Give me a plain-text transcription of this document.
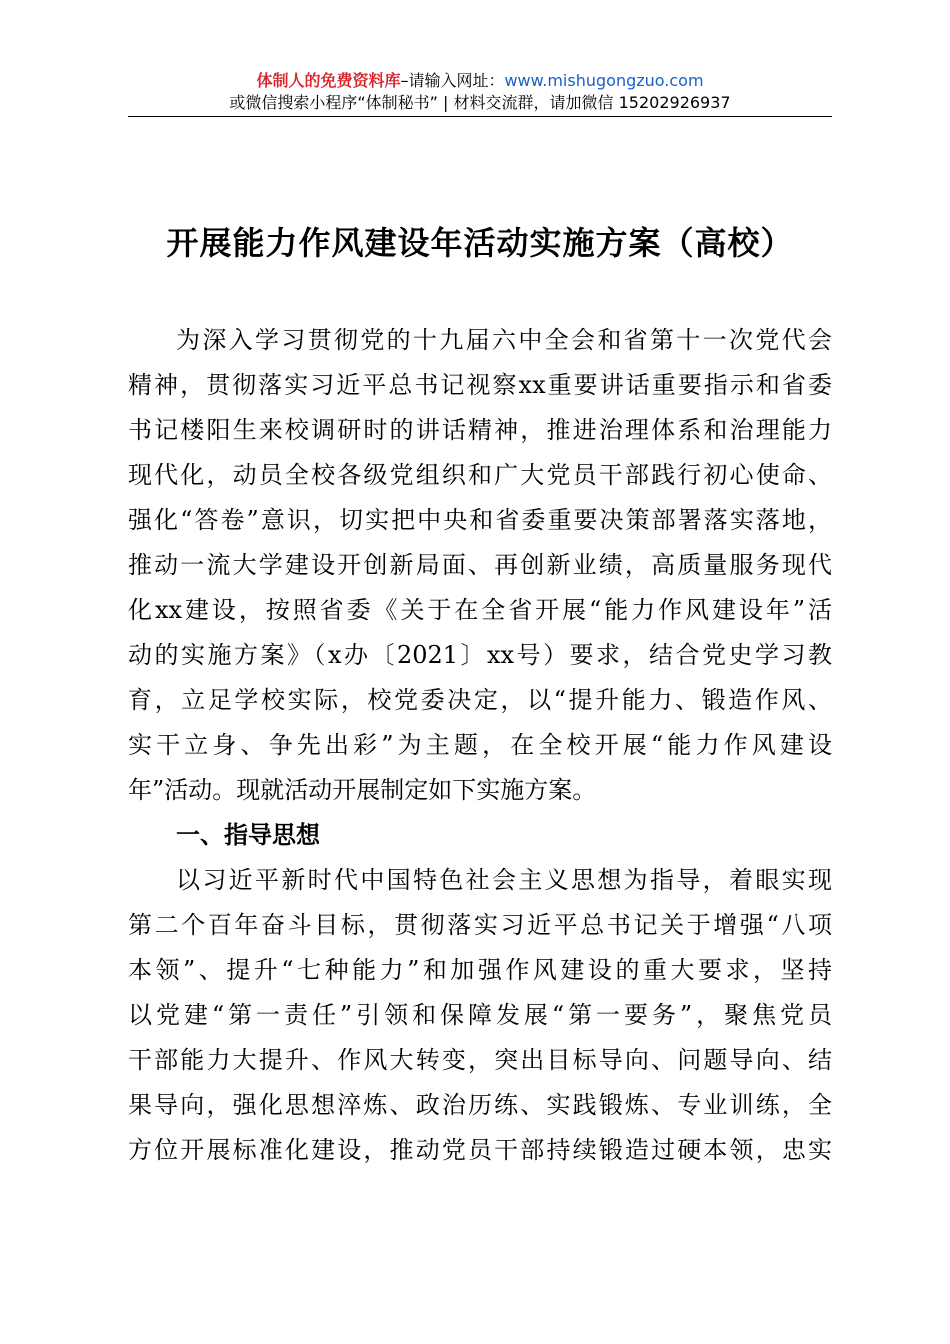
体制人的免费资料库–请输入网址：www.mishugongzuo.com
或微信搜索小程序“体制秘书” | 材料交流群，请加微信 15202926937
开展能力作风建设年活动实施方案（高校）
为深入学习贯彻党的十九届六中全会和省第十一次党代会
精神，贯彻落实习近平总书记视察xx重要讲话重要指示和省委
书记楼阳生来校调研时的讲话精神，推进治理体系和治理能力
现代化，动员全校各级党组织和广大党员干部践行初心使命、
强化“答卷”意识，切实把中央和省委重要决策部署落实落地，
推动一流大学建设开创新局面、再创新业绩，高质量服务现代
化xx建设，按照省委《关于在全省开展“能力作风建设年”活
动的实施方案》（x办〔2021〕xx号）要求，结合党史学习教
育，立足学校实际，校党委决定，以“提升能力、锻造作风、
实干立身、争先出彩”为主题，在全校开展“能力作风建设
年”活动。现就活动开展制定如下实施方案。
一、指导思想
以习近平新时代中国特色社会主义思想为指导，着眼实现
第二个百年奋斗目标，贯彻落实习近平总书记关于增强“八项
本领”、提升“七种能力”和加强作风建设的重大要求，坚持
以党建“第一责任”引领和保障发展“第一要务”，聚焦党员
干部能力大提升、作风大转变，突出目标导向、问题导向、结
果导向，强化思想淬炼、政治历练、实践锻炼、专业训练，全
方位开展标准化建设，推动党员干部持续锻造过硬本领，忠实
